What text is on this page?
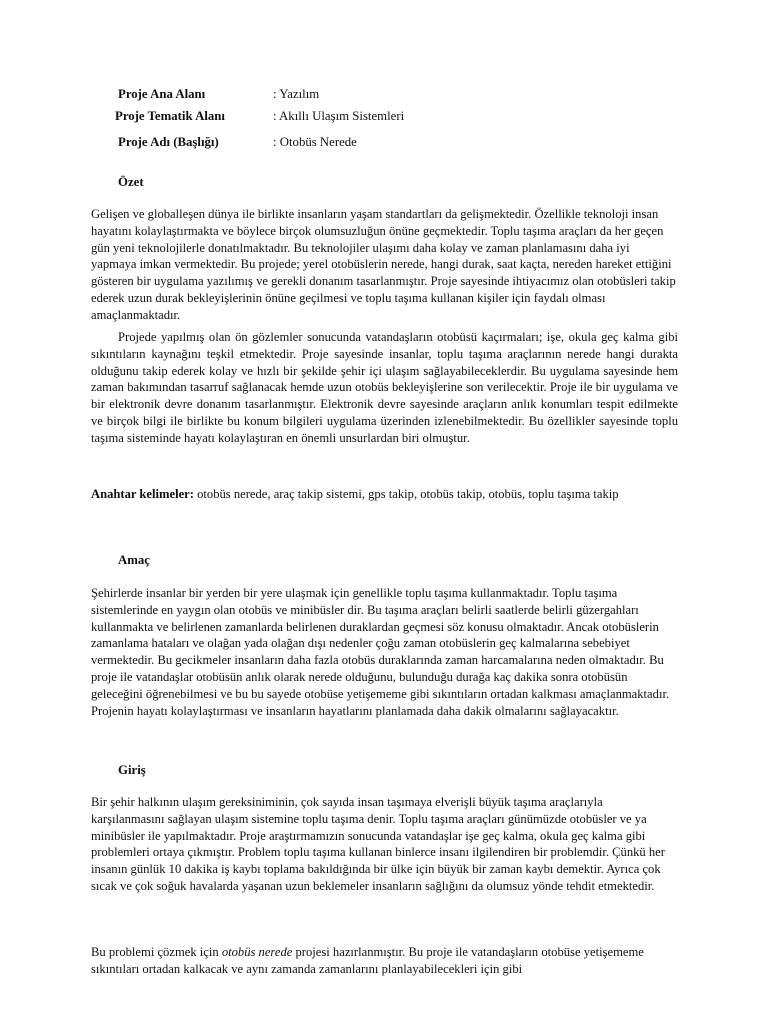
Proje Ana Alanı	: Yazılım
Proje Tematik Alanı	: Akıllı Ulaşım Sistemleri
Proje Adı (Başlığı)	: Otobüs Nerede
Özet

Gelişen ve globalleşen dünya ile birlikte insanların yaşam standartları da gelişmektedir. Özellikle teknoloji insan hayatını kolaylaştırmakta ve böylece birçok olumsuzluğun önüne geçmektedir. Toplu taşıma araçları da her geçen gün yeni teknolojilerle donatılmaktadır. Bu teknolojiler ulaşımı daha kolay ve zaman planlamasını daha iyi yapmaya imkan vermektedir. Bu projede; yerel otobüslerin nerede, hangi durak, saat kaçta, nereden hareket ettiğini gösteren bir uygulama yazılımış ve gerekli donanım tasarlanmıştır. Proje sayesinde ihtiyacımız olan otobüsleri takip ederek uzun durak bekleyişlerinin önüne geçilmesi ve toplu taşıma kullanan kişiler için faydalı olması amaçlanmaktadır.

Projede yapılmış olan ön gözlemler sonucunda vatandaşların otobüsü kaçırmaları; işe, okula geç kalma gibi sıkıntıların kaynağını teşkil etmektedir. Proje sayesinde insanlar, toplu taşıma araçlarının nerede hangi durakta olduğunu takip ederek kolay ve hızlı bir şekilde şehir içi ulaşım sağlayabileceklerdir. Bu uygulama sayesinde hem zaman bakımından tasarruf sağlanacak hemde uzun otobüs bekleyişlerine son verilecektir. Proje ile bir uygulama ve bir elektronik devre donanım tasarlanmıştır. Elektronik devre sayesinde araçların anlık konumları tespit edilmekte ve birçok bilgi ile birlikte bu konum bilgileri uygulama üzerinden izlenebilmektedir. Bu özellikler sayesinde toplu taşıma sisteminde hayatı kolaylaştıran en önemli unsurlardan biri olmuştur.

Anahtar kelimeler: otobüs nerede, araç takip sistemi, gps takip, otobüs takip, otobüs, toplu taşıma takip

Amaç

Şehirlerde insanlar bir yerden bir yere ulaşmak için genellikle toplu taşıma kullanmaktadır. Toplu taşıma sistemlerinde en yaygın olan otobüs ve minibüsler dir. Bu taşıma araçları belirli saatlerde belirli güzergahları kullanmakta ve belirlenen zamanlarda belirlenen duraklardan geçmesi söz konusu olmaktadır. Ancak otobüslerin zamanlama hataları ve olağan yada olağan dışı nedenler çoğu zaman otobüslerin geç kalmalarına sebebiyet vermektedir. Bu gecikmeler insanların daha fazla otobüs duraklarında zaman harcamalarına neden olmaktadır. Bu proje ile vatandaşlar otobüsün anlık olarak nerede olduğunu, bulunduğu durağa kaç dakika sonra otobüsün geleceğini öğrenebilmesi ve bu bu sayede otobüse yetişememe gibi sıkıntıların ortadan kalkması amaçlanmaktadır. Projenin hayatı kolaylaştırması ve insanların hayatlarını planlamada daha dakik olmalarını sağlayacaktır.

Giriş

Bir şehir halkının ulaşım gereksiniminin, çok sayıda insan taşımaya elverişli büyük taşıma araçlarıyla karşılanmasını sağlayan ulaşım sistemine toplu taşıma denir. Toplu taşıma araçları günümüzde otobüsler ve ya minibüsler ile yapılmaktadır. Proje araştırmamızın sonucunda vatandaşlar işe geç kalma, okula geç kalma gibi problemleri ortaya çıkmıştır. Problem toplu taşıma kullanan binlerce insanı ilgilendiren bir problemdir. Çünkü her insanın günlük 10 dakika iş kaybı toplama bakıldığında bir ülke için büyük bir zaman kaybı demektir. Ayrıca çok sıcak ve çok soğuk havalarda yaşanan uzun beklemeler insanların sağlığını da olumsuz yönde tehdit etmektedir.

Bu problemi çözmek için otobüs nerede projesi hazırlanmıştır. Bu proje ile vatandaşların otobüse yetişememe sıkıntıları ortadan kalkacak ve aynı zamanda zamanlarını planlayabilecekleri için gibi
